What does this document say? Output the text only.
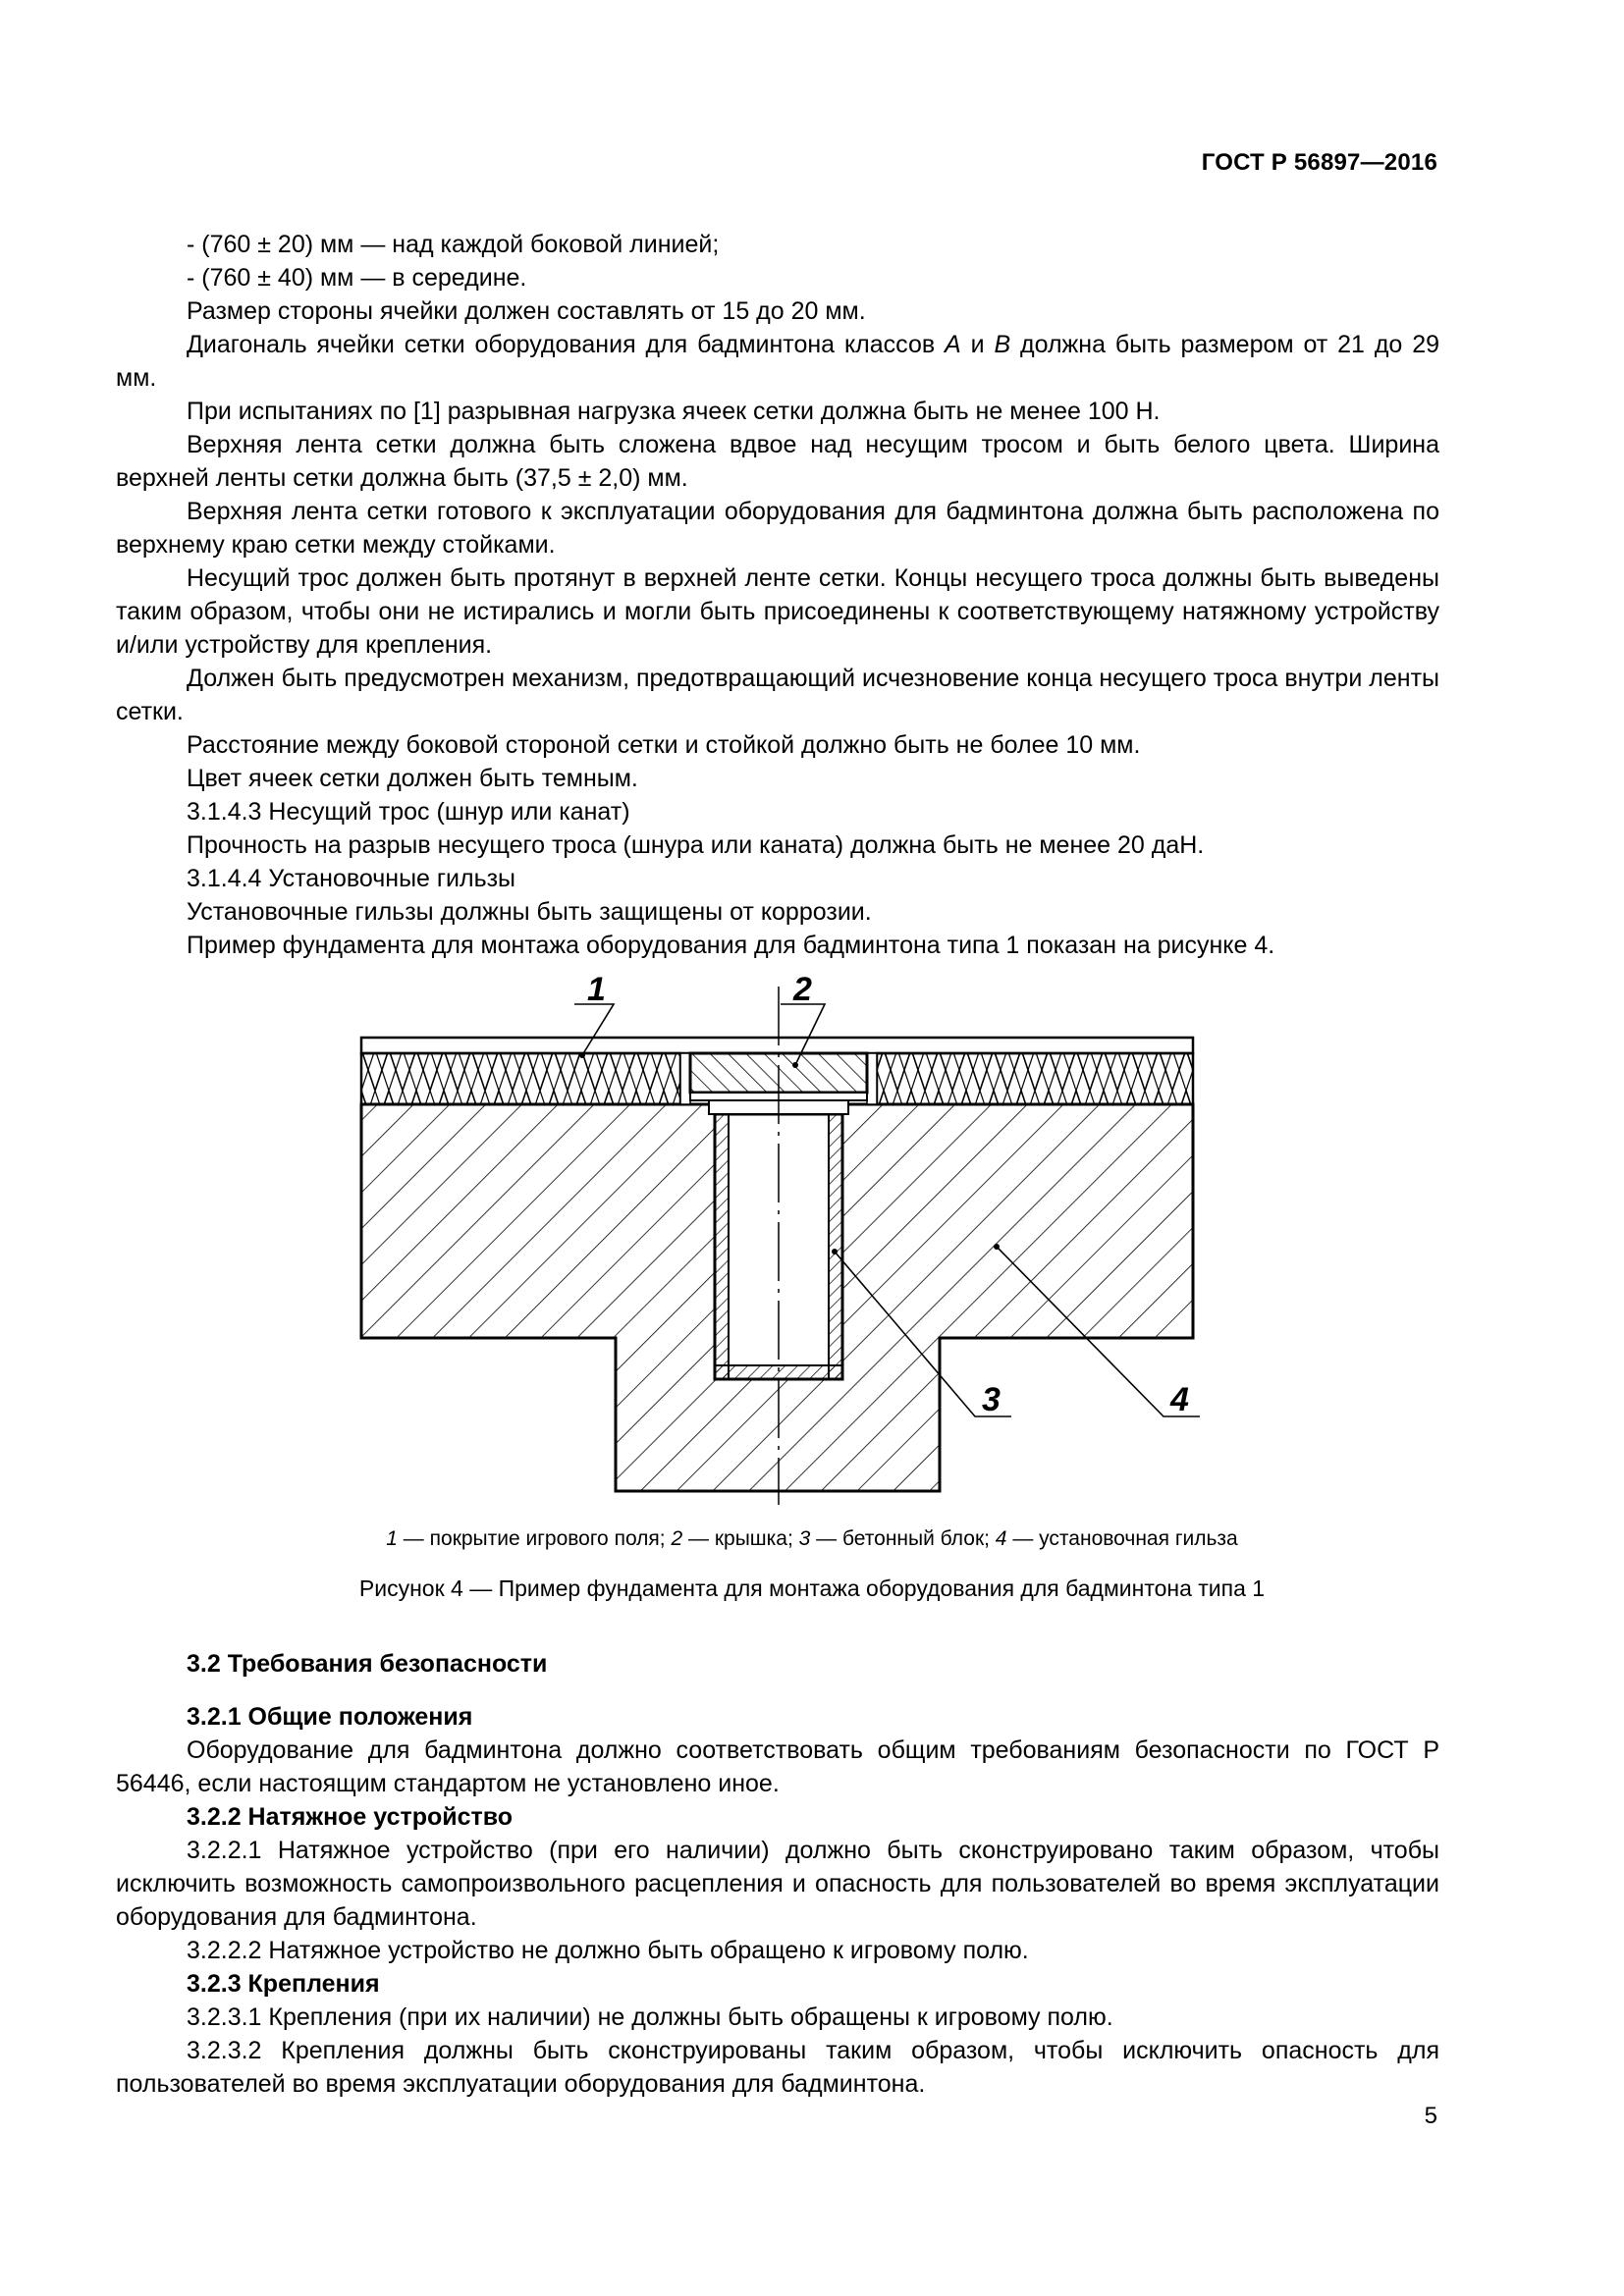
ГОСТ Р 56897—2016

- (760 ± 20) мм — над каждой боковой линией;

- (760 ± 40) мм — в середине.

Размер стороны ячейки должен составлять от 15 до 20 мм.

Диагональ ячейки сетки оборудования для бадминтона классов A и B должна быть размером от 21 до 29 мм.

При испытаниях по [1] разрывная нагрузка ячеек сетки должна быть не менее 100 Н.

Верхняя лента сетки должна быть сложена вдвое над несущим тросом и быть белого цвета. Ширина верхней ленты сетки должна быть (37,5 ± 2,0) мм.

Верхняя лента сетки готового к эксплуатации оборудования для бадминтона должна быть расположена по верхнему краю сетки между стойками.

Несущий трос должен быть протянут в верхней ленте сетки. Концы несущего троса должны быть выведены таким образом, чтобы они не истирались и могли быть присоединены к соответствующему натяжному устройству и/или устройству для крепления.

Должен быть предусмотрен механизм, предотвращающий исчезновение конца несущего троса внутри ленты сетки.

Расстояние между боковой стороной сетки и стойкой должно быть не более 10 мм.

Цвет ячеек сетки должен быть темным.

3.1.4.3 Несущий трос (шнур или канат)

Прочность на разрыв несущего троса (шнура или каната) должна быть не менее 20 даН.

3.1.4.4 Установочные гильзы

Установочные гильзы должны быть защищены от коррозии.

Пример фундамента для монтажа оборудования для бадминтона типа 1 показан на рисунке 4.

1	2
3	4
1 — покрытие игрового поля; 2 — крышка; 3 — бетонный блок; 4 — установочная гильза
Рисунок 4 — Пример фундамента для монтажа оборудования для бадминтона типа 1

3.2 Требования безопасности

3.2.1 Общие положения

Оборудование для бадминтона должно соответствовать общим требованиям безопасности по ГОСТ Р 56446, если настоящим стандартом не установлено иное.

3.2.2 Натяжное устройство

3.2.2.1 Натяжное устройство (при его наличии) должно быть сконструировано таким образом, чтобы исключить возможность самопроизвольного расцепления и опасность для пользователей во время эксплуатации оборудования для бадминтона.

3.2.2.2 Натяжное устройство не должно быть обращено к игровому полю.

3.2.3 Крепления

3.2.3.1 Крепления (при их наличии) не должны быть обращены к игровому полю.

3.2.3.2 Крепления должны быть сконструированы таким образом, чтобы исключить опасность для пользователей во время эксплуатации оборудования для бадминтона.

5
